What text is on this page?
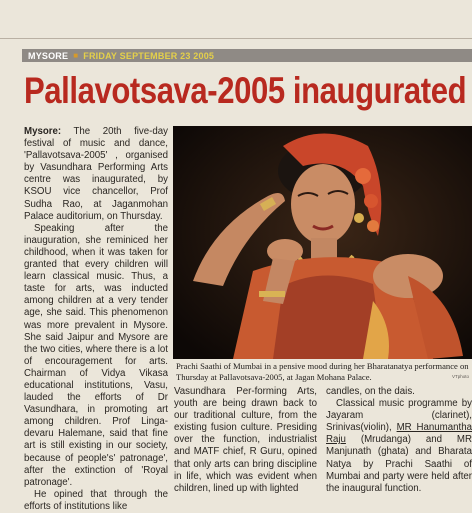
MYSORE ■ FRIDAY SEPTEMBER 23 2005
Pallavotsava-2005 inaugurated

Mysore: The 20th five-day festival of music and dance, 'Pallavotsava-2005' , organised by Vasundhara Performing Arts centre was inaugurated, by KSOU vice chancellor, Prof Sudha Rao, at Jaganmohan Palace auditorium, on Thursday.

Speaking after the inauguration, she reminiced her childhood, when it was taken for granted that every children will learn classical music. Thus, a taste for arts, was inducted among children at a very tender age, she said. This phenomenon was more prevalent in Mysore. She said Jaipur and Mysore are the two cities, where there is a lot of encouragement for arts. Chairman of Vidya Vikasa educational institutions, Vasu, lauded the efforts of Dr Vasundhara, in promoting art among children. Prof Linga-devaru Halemane, said that fine art is still existing in our society, because of people's' patronage', after the extinction of 'Royal patronage'.

He opined that through the efforts of institutions like

Prachi Saathi of Mumbai in a pensive mood during her Bharatanatya performance on Thursday at Pallavotsava-2005, at Jagan Mohana Palace.	VTphoto

Vasundhara Per-forming Arts, youth are being drawn back to our traditional culture, from the existing fusion culture. Presiding over the function, industrialist and MATF chief, R Guru, opined that only arts can bring discipline in life, which was evident when children, lined up with lighted

candles, on the dais.

Classical music programme by Jayaram (clarinet), Srinivas(violin), MR Hanumantha Raju (Mrudanga) and MR Manjunath (ghata) and Bharata Natya by Prachi Saathi of Mumbai and party were held after the inaugural function.
